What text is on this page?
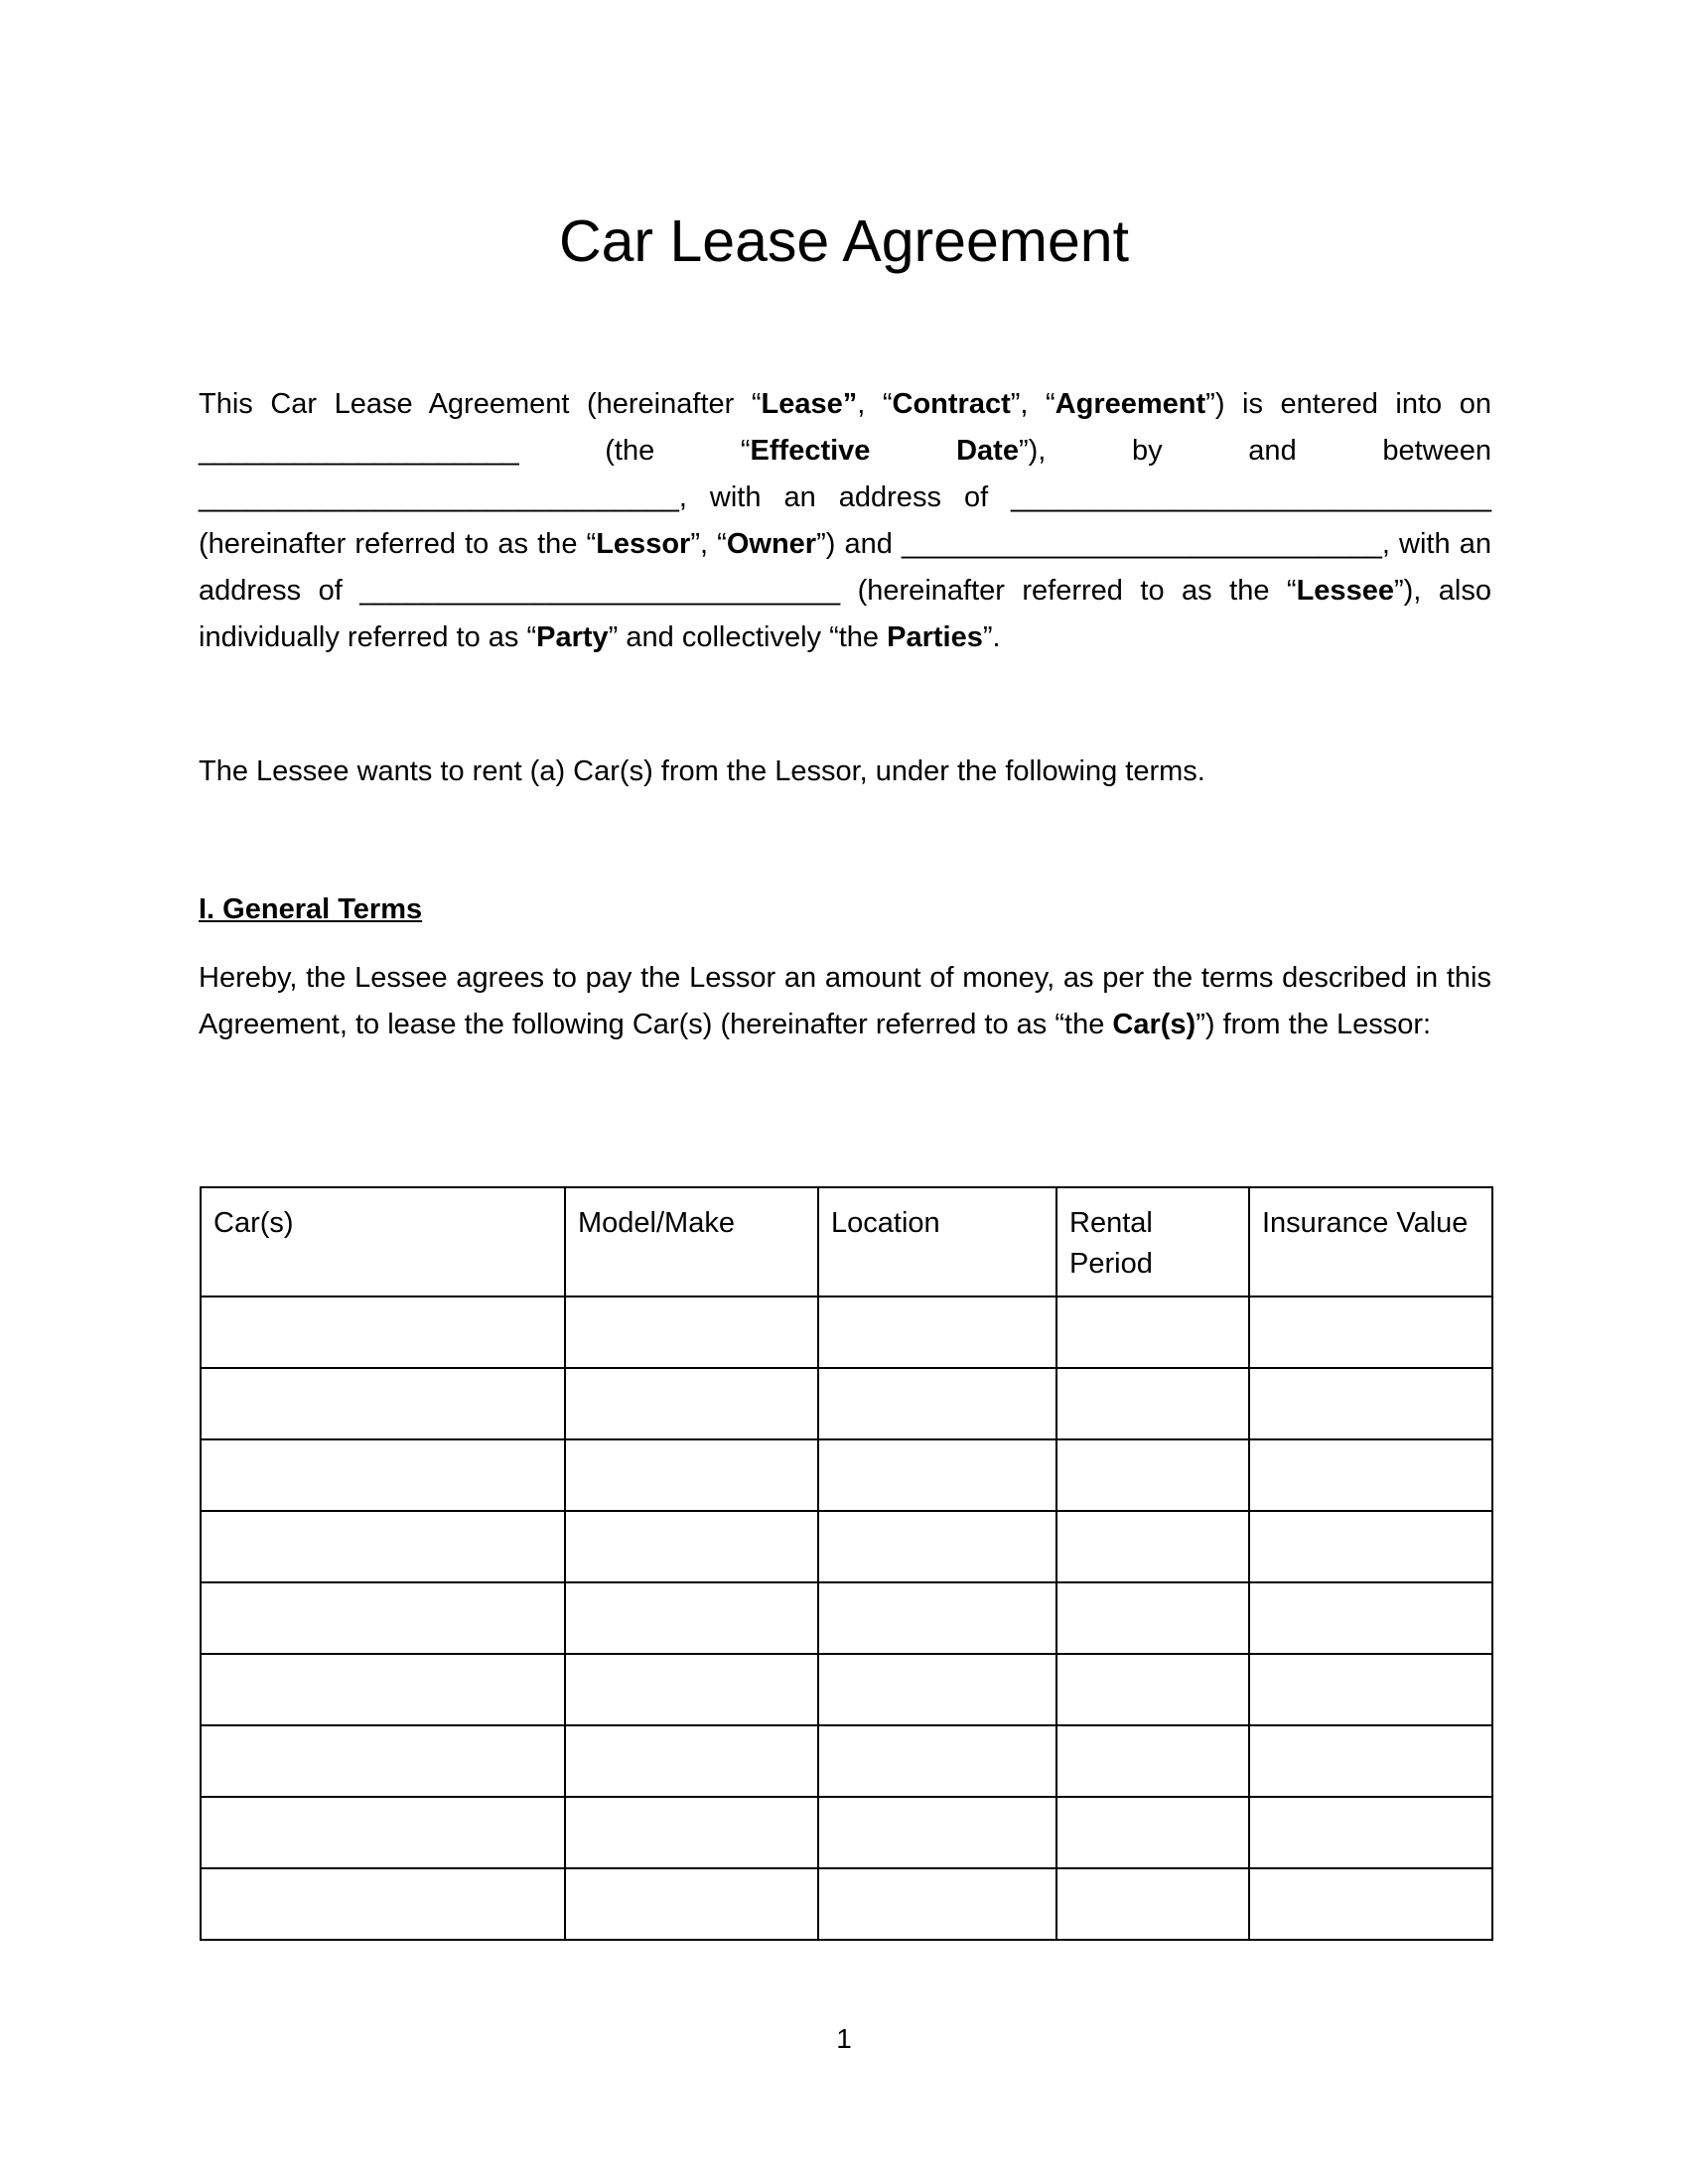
Car Lease Agreement

This Car Lease Agreement (hereinafter “Lease”, “Contract”, “Agreement”) is entered into on ____________________ (the “Effective Date”), by and between ______________________________, with an address of ______________________________ (hereinafter referred to as the “Lessor”, “Owner”) and ______________________________, with an address of ______________________________ (hereinafter referred to as the “Lessee”), also individually referred to as “Party” and collectively “the Parties”.

The Lessee wants to rent (a) Car(s) from the Lessor, under the following terms.

I. General Terms

Hereby, the Lessee agrees to pay the Lessor an amount of money, as per the terms described in this Agreement, to lease the following Car(s) (hereinafter referred to as “the Car(s)”) from the Lessor:

Car(s)	Model/Make	Location	Rental Period	Insurance Value

1
